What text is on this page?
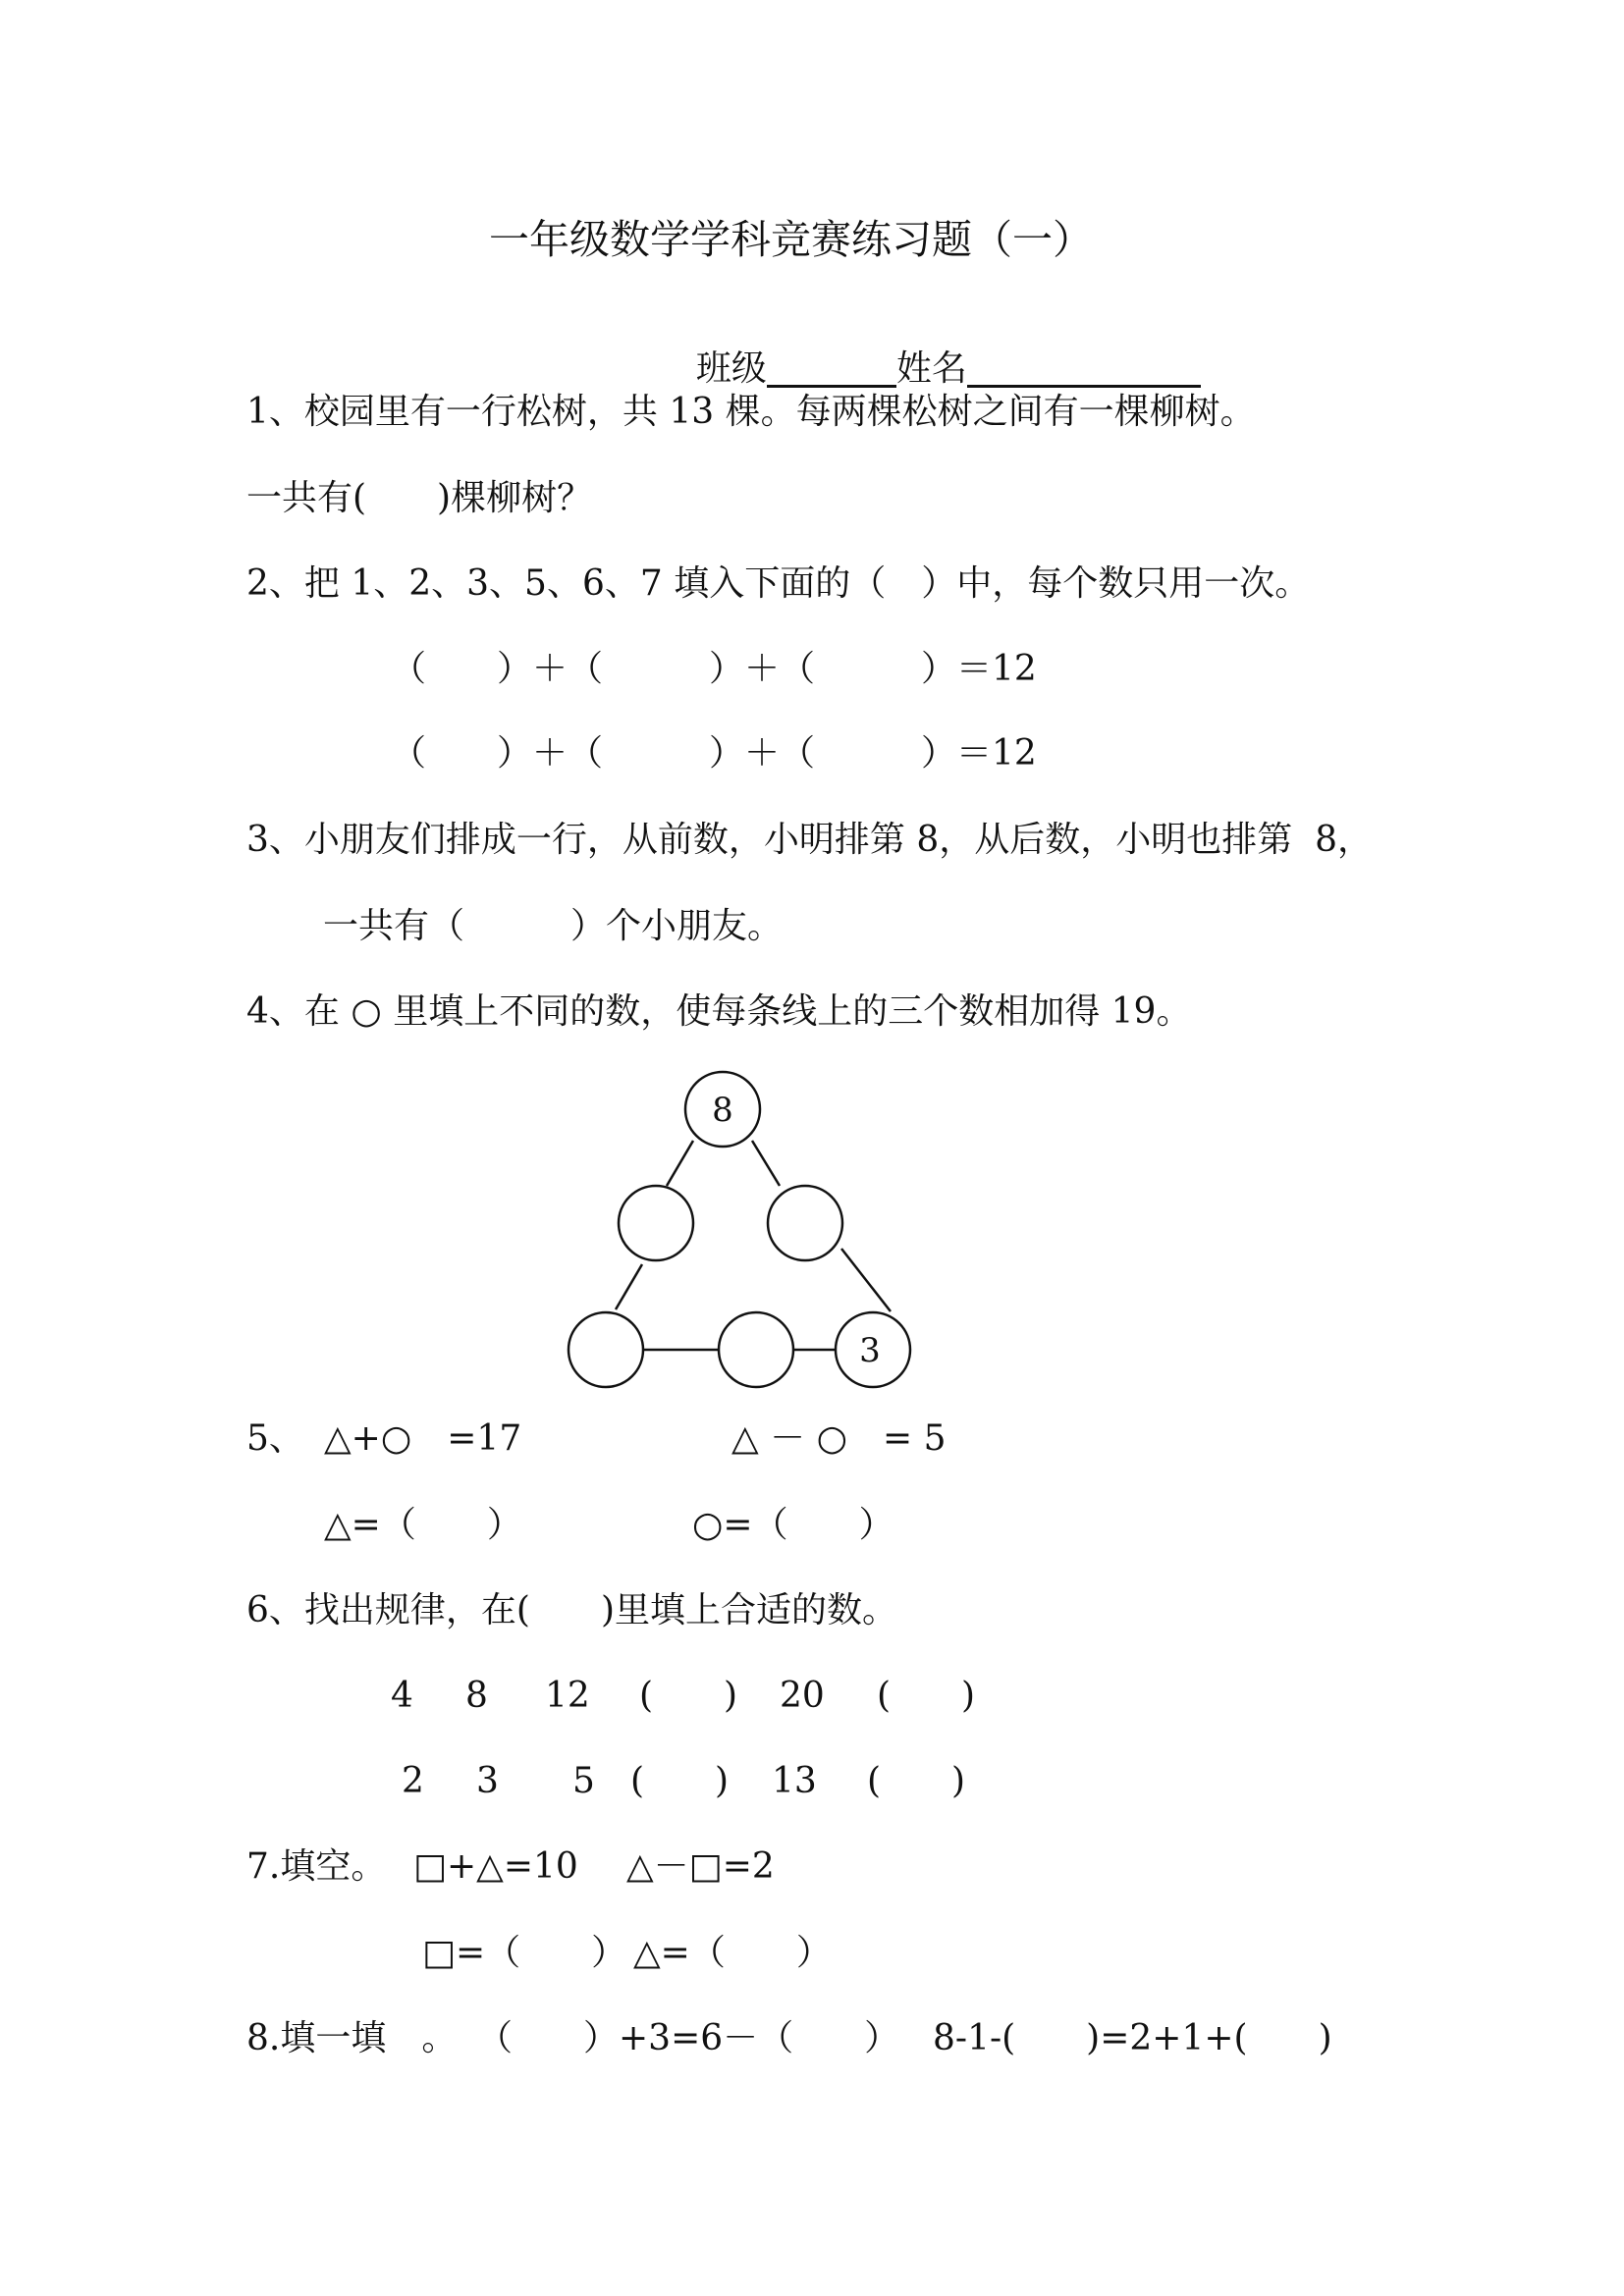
一年级数学学科竞赛练习题（一）

班级	姓名

1、校园里有一行松树，共 13 棵。每两棵松树之间有一棵柳树。
一共有(　　)棵柳树？
2、把 1、2、3、5、6、7 填入下面的（　）中，每个数只用一次。
（　　）＋（　　　）＋（　　　）＝12
（　　）＋（　　　）＋（　　　）＝12
3、小朋友们排成一行，从前数，小明排第 8，从后数，小明也排第  8，
一共有（　　　）个小朋友。
4、在 ○ 里填上不同的数，使每条线上的三个数相加得 19。
8
3
5、 △+○　=17	△ － ○　= 5
△=（　　）	○=（　　）
6、找出规律，在(　　)里填上合适的数。
4 8 12 (　　) 20 (　　)
2 3 5 (　　) 13 (　　)
7.填空。 □+△=10 △－□=2
□=（　　） △=（　　）
8.填一填　。 （　　）+3=6－（　　） 8-1-(　　)=2+1+(　　)
